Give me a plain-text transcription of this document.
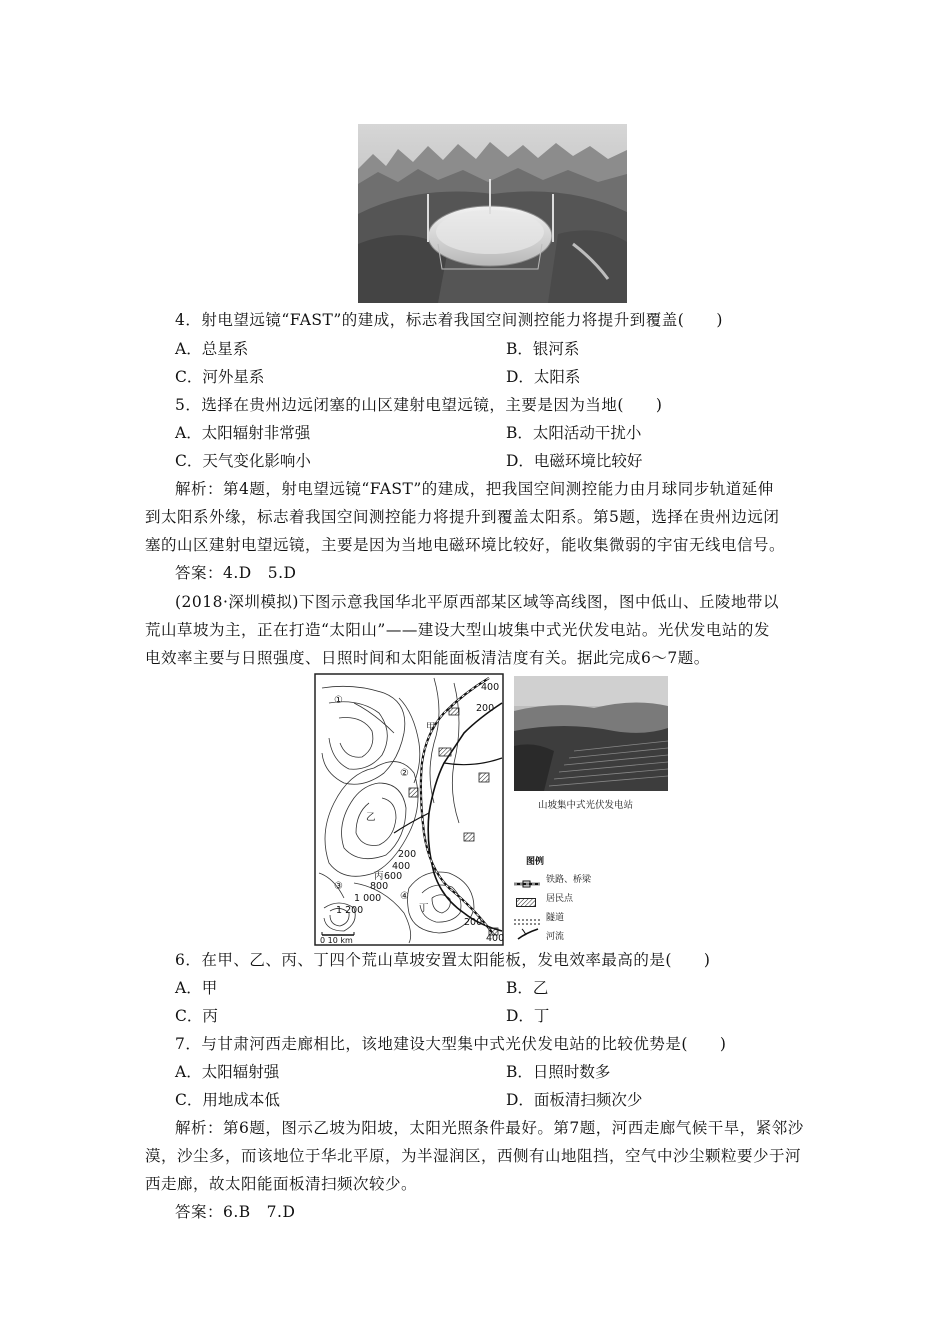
4．射电望远镜“FAST”的建成，标志着我国空间测控能力将提升到覆盖(　　)
A．总星系	B．银河系
C．河外星系	D．太阳系
5．选择在贵州边远闭塞的山区建射电望远镜，主要是因为当地(　　)
A．太阳辐射非常强	B．太阳活动干扰小
C．天气变化影响小	D．电磁环境比较好
解析：第4题，射电望远镜“FAST”的建成，把我国空间测控能力由月球同步轨道延伸
到太阳系外缘，标志着我国空间测控能力将提升到覆盖太阳系。第5题，选择在贵州边远闭
塞的山区建射电望远镜，主要是因为当地电磁环境比较好，能收集微弱的宇宙无线电信号。
答案：4.D　5.D
(2018·深圳模拟)下图示意我国华北平原西部某区域等高线图，图中低山、丘陵地带以
荒山草坡为主，正在打造“太阳山”——建设大型山坡集中式光伏发电站。光伏发电站的发
电效率主要与日照强度、日照时间和太阳能面板清洁度有关。据此完成6～7题。
①
②
③
④
甲
乙
丙
丁
400
200
200
400
600
800
1 000
1 200
200
400
0 10 km
山坡集中式光伏发电站
图例
铁路、桥梁
居民点
隧道
河流
6．在甲、乙、丙、丁四个荒山草坡安置太阳能板，发电效率最高的是(　　)
A．甲	B．乙
C．丙	D．丁
7．与甘肃河西走廊相比，该地建设大型集中式光伏发电站的比较优势是(　　)
A．太阳辐射强	B．日照时数多
C．用地成本低	D．面板清扫频次少
解析：第6题，图示乙坡为阳坡，太阳光照条件最好。第7题，河西走廊气候干旱，紧邻沙
漠，沙尘多，而该地位于华北平原，为半湿润区，西侧有山地阻挡，空气中沙尘颗粒要少于河
西走廊，故太阳能面板清扫频次较少。
答案：6.B　7.D
